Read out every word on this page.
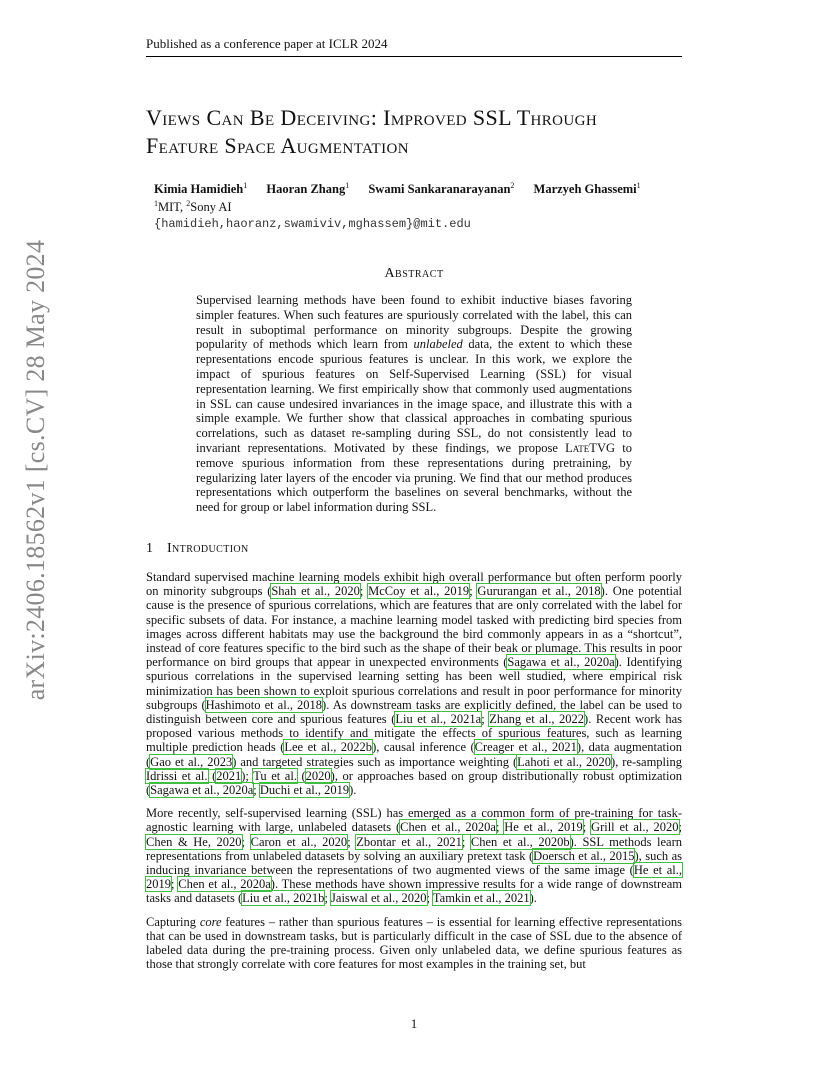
Published as a conference paper at ICLR 2024
arXiv:2406.18562v1 [cs.CV] 28 May 2024
Views Can Be Deceiving: Improved SSL Through
Feature Space Augmentation
Kimia Hamidieh$^1$ Haoran Zhang$^1$ Swami Sankaranarayanan$^2$ Marzyeh Ghassemi$^1$
$^1$MIT, $^2$Sony AI
{hamidieh,haoranz,swamiviv,mghassem}@mit.edu
Abstract
Supervised learning methods have been found to exhibit inductive biases favoring simpler features. When such features are spuriously correlated with the label, this can result in suboptimal performance on minority subgroups. Despite the growing popularity of methods which learn from unlabeled data, the extent to which these representations encode spurious features is unclear. In this work, we explore the impact of spurious features on Self-Supervised Learning (SSL) for visual representation learning. We first empirically show that commonly used augmentations in SSL can cause undesired invariances in the image space, and illustrate this with a simple example. We further show that classical approaches in combating spurious correlations, such as dataset re-sampling during SSL, do not consistently lead to invariant representations. Motivated by these findings, we propose LateTVG to remove spurious information from these representations during pretraining, by regularizing later layers of the encoder via pruning. We find that our method produces representations which outperform the baselines on several benchmarks, without the need for group or label information during SSL.
1 Introduction

Standard supervised machine learning models exhibit high overall performance but often perform poorly on minority subgroups (Shah et al., 2020; McCoy et al., 2019; Gururangan et al., 2018). One potential cause is the presence of spurious correlations, which are features that are only correlated with the label for specific subsets of data. For instance, a machine learning model tasked with predicting bird species from images across different habitats may use the background the bird commonly appears in as a “shortcut”, instead of core features specific to the bird such as the shape of their beak or plumage. This results in poor performance on bird groups that appear in unexpected environments (Sagawa et al., 2020a). Identifying spurious correlations in the supervised learning setting has been well studied, where empirical risk minimization has been shown to exploit spurious correlations and result in poor performance for minority subgroups (Hashimoto et al., 2018). As downstream tasks are explicitly defined, the label can be used to distinguish between core and spurious features (Liu et al., 2021a; Zhang et al., 2022). Recent work has proposed various methods to identify and mitigate the effects of spurious features, such as learning multiple prediction heads (Lee et al., 2022b), causal inference (Creager et al., 2021), data augmentation (Gao et al., 2023) and targeted strategies such as importance weighting (Lahoti et al., 2020), re-sampling Idrissi et al. (2021); Tu et al. (2020), or approaches based on group distributionally robust optimization (Sagawa et al., 2020a; Duchi et al., 2019).

More recently, self-supervised learning (SSL) has emerged as a common form of pre-training for task-agnostic learning with large, unlabeled datasets (Chen et al., 2020a; He et al., 2019; Grill et al., 2020; Chen & He, 2020; Caron et al., 2020; Zbontar et al., 2021; Chen et al., 2020b). SSL methods learn representations from unlabeled datasets by solving an auxiliary pretext task (Doersch et al., 2015), such as inducing invariance between the representations of two augmented views of the same image (He et al., 2019; Chen et al., 2020a). These methods have shown impressive results for a wide range of downstream tasks and datasets (Liu et al., 2021b; Jaiswal et al., 2020; Tamkin et al., 2021).

Capturing core features – rather than spurious features – is essential for learning effective representations that can be used in downstream tasks, but is particularly difficult in the case of SSL due to the absence of labeled data during the pre-training process. Given only unlabeled data, we define spurious features as those that strongly correlate with core features for most examples in the training set, but

1
